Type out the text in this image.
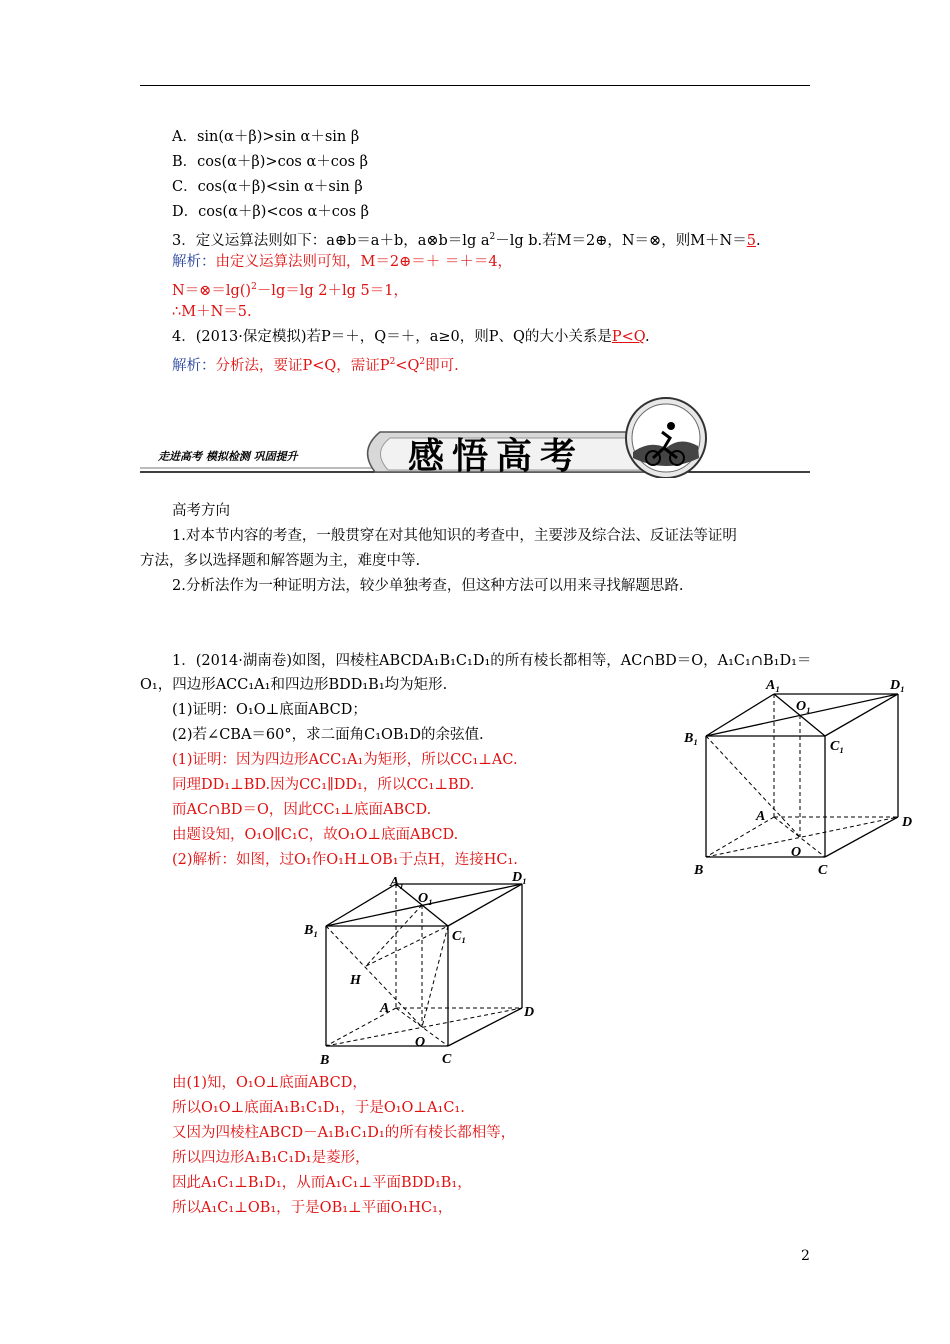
A．sin(α＋β)>sin α＋sin β
B．cos(α＋β)>cos α＋cos β
C．cos(α＋β)<sin α＋sin β
D．cos(α＋β)<cos α＋cos β
3．定义运算法则如下：a⊕b＝a＋b，a⊗b＝lg $a^2-\lg$ b.若M＝2⊕，N＝⊗，则M＋N＝5.
解析：由定义运算法则可知，M＝2⊕＝＋ ＝＋＝4，
N＝⊗＝lg()$^2$－lg＝lg 2＋lg 5＝1，
∴M＋N＝5.
4．(2013·保定模拟)若P＝＋，Q＝＋，a≥0，则P、Q的大小关系是P<Q.
解析：分析法，要证P<Q，需证$P^2<Q^2$即可.
走进高考 模拟检测 巩固提升	感悟高考
高考方向
1.对本节内容的考查，一般贯穿在对其他知识的考查中，主要涉及综合法、反证法等证明
方法，多以选择题和解答题为主，难度中等.
2.分析法作为一种证明方法，较少单独考查，但这种方法可以用来寻找解题思路.
1．(2014·湖南卷)如图，四棱柱ABCDA₁B₁C₁D₁的所有棱长都相等，AC∩BD＝O，A₁C₁∩B₁D₁＝
O₁，四边形ACC₁A₁和四边形BDD₁B₁均为矩形.
(1)证明：O₁O⊥底面ABCD；
(2)若∠CBA＝60°，求二面角C₁OB₁D的余弦值.
(1)证明：因为四边形ACC₁A₁为矩形，所以CC₁⊥AC.
同理DD₁⊥BD.因为CC₁∥DD₁，所以CC₁⊥BD.
而AC∩BD＝O，因此CC₁⊥底面ABCD.
由题设知，O₁O∥C₁C，故O₁O⊥底面ABCD.
(2)解析：如图，过O₁作O₁H⊥OB₁于点H，连接HC₁.
A₁	D₁
O₁
B₁
C₁
A	D
O
B	C
A₁	D₁
O₁
B₁	C₁
H
A	D
O
B	C
由(1)知，O₁O⊥底面ABCD，
所以O₁O⊥底面A₁B₁C₁D₁，于是O₁O⊥A₁C₁.
又因为四棱柱ABCD－A₁B₁C₁D₁的所有棱长都相等，
所以四边形A₁B₁C₁D₁是菱形，
因此A₁C₁⊥B₁D₁，从而A₁C₁⊥平面BDD₁B₁，
所以A₁C₁⊥OB₁，于是OB₁⊥平面O₁HC₁，
2
